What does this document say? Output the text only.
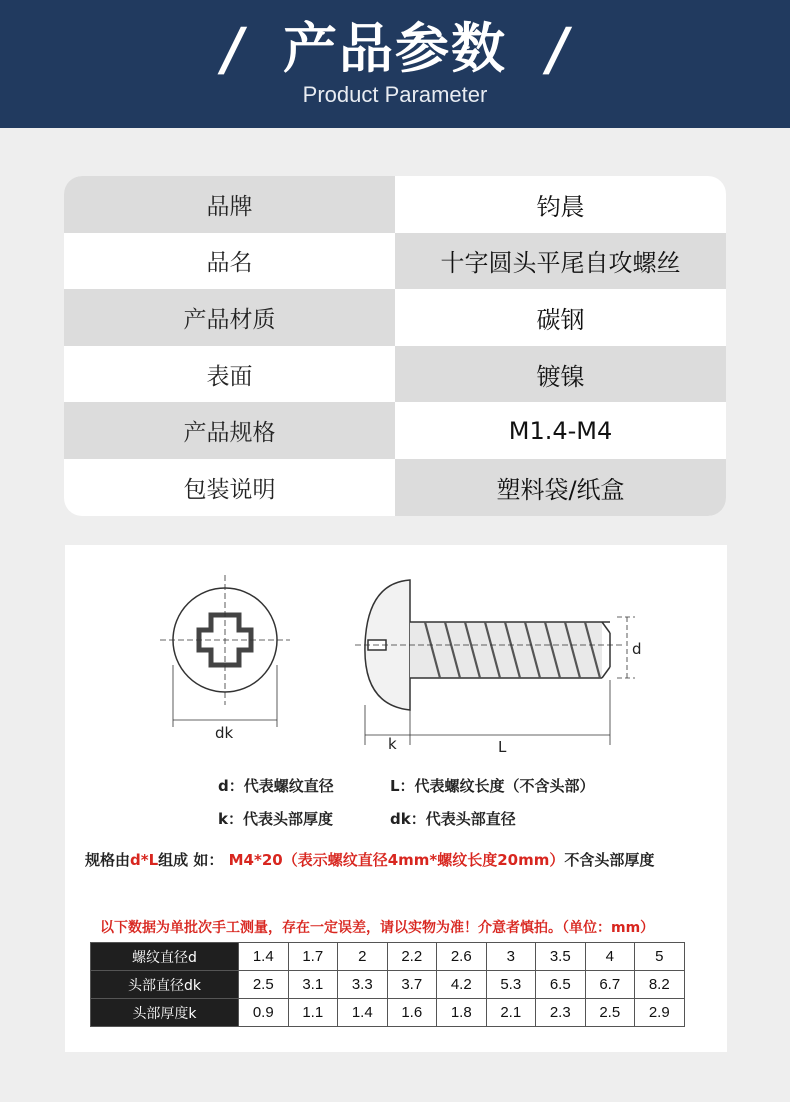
/ 产品参数 /
Product Parameter
品牌	钧晨
品名	十字圆头平尾自攻螺丝
产品材质	碳钢
表面	镀镍
产品规格	M1.4-M4
包装说明	塑料袋/纸盒
dk
d
k	L
d：代表螺纹直径	L：代表螺纹长度（不含头部）
k：代表头部厚度	dk：代表头部直径
规格由d*L组成 如： M4*20（表示螺纹直径4mm*螺纹长度20mm）不含头部厚度
以下数据为单批次手工测量，存在一定误差，请以实物为准！介意者慎拍。（单位：mm）
螺纹直径d	1.4	1.7	2	2.2	2.6	3	3.5	4	5
头部直径dk	2.5	3.1	3.3	3.7	4.2	5.3	6.5	6.7	8.2
头部厚度k	0.9	1.1	1.4	1.6	1.8	2.1	2.3	2.5	2.9
